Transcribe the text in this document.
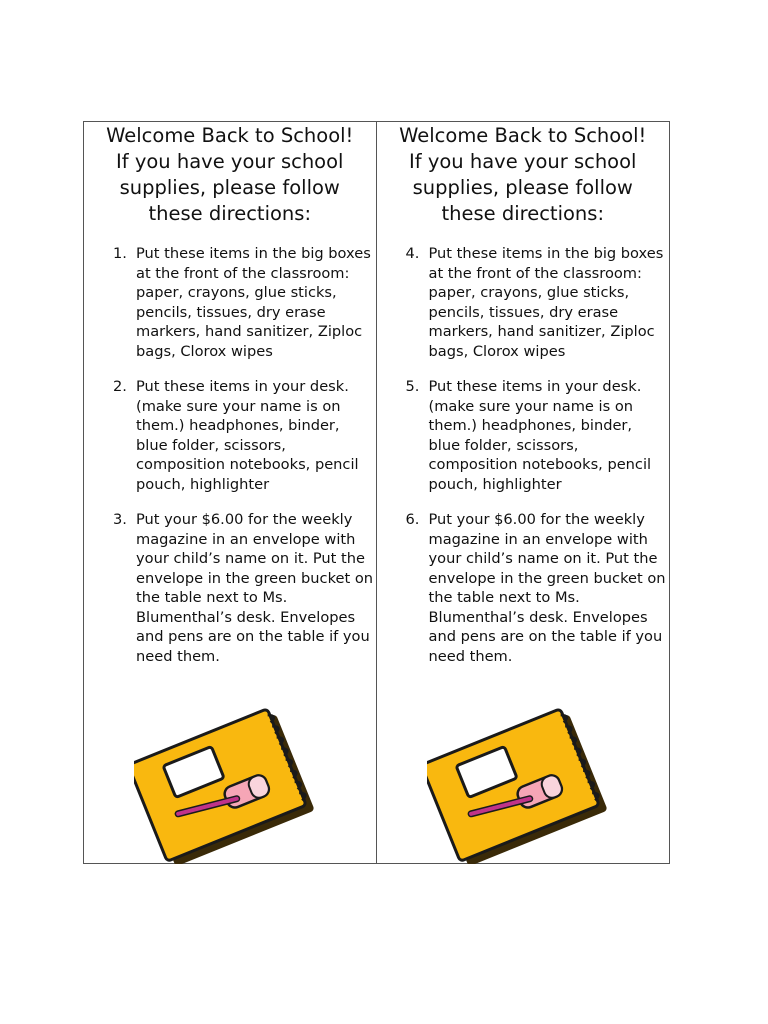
Welcome Back to School!
If you have your school
supplies, please follow
these directions:
1. Put these items in the big boxes at the front of the classroom: paper, crayons, glue sticks, pencils, tissues, dry erase markers, hand sanitizer, Ziploc bags, Clorox wipes
2. Put these items in your desk. (make sure your name is on them.) headphones, binder, blue folder, scissors, composition notebooks, pencil pouch, highlighter
3. Put your $6.00 for the weekly magazine in an envelope with your child’s name on it. Put the envelope in the green bucket on the table next to Ms. Blumenthal’s desk. Envelopes and pens are on the table if you need them.
Welcome Back to School!
If you have your school
supplies, please follow
these directions:
4. Put these items in the big boxes at the front of the classroom: paper, crayons, glue sticks, pencils, tissues, dry erase markers, hand sanitizer, Ziploc bags, Clorox wipes
5. Put these items in your desk. (make sure your name is on them.) headphones, binder, blue folder, scissors, composition notebooks, pencil pouch, highlighter
6. Put your $6.00 for the weekly magazine in an envelope with your child’s name on it. Put the envelope in the green bucket on the table next to Ms. Blumenthal’s desk. Envelopes and pens are on the table if you need them.
